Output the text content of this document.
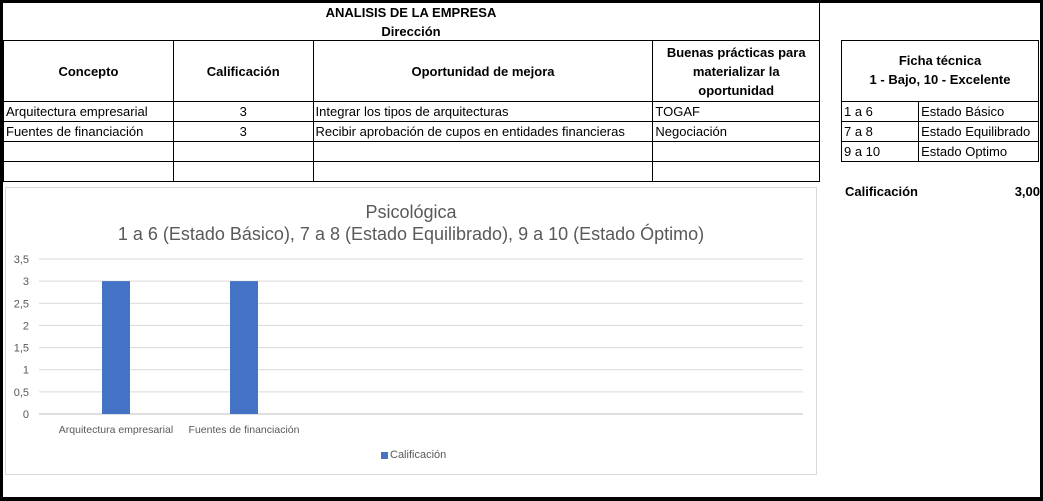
ANALISIS DE LA EMPRESA
Dirección
Concepto	Calificación	Oportunidad de mejora	Buenas prácticas para materializar la oportunidad
Arquitectura empresarial	3	Integrar los tipos de arquitecturas	TOGAF
Fuentes de financiación	3	Recibir aprobación de cupos en entidades financieras	Negociación

Ficha técnica
1 - Bajo, 10 - Excelente
1 a 6	Estado Básico
7 a 8	Estado Equilibrado
9 a 10	Estado Optimo
Calificación	3,00
Psicológica
1 a 6 (Estado Básico), 7 a 8 (Estado Equilibrado), 9 a 10 (Estado Óptimo)
0
0,5
1
1,5
2
2,5
3
3,5
Arquitectura empresarial Fuentes de financiación
Calificación
